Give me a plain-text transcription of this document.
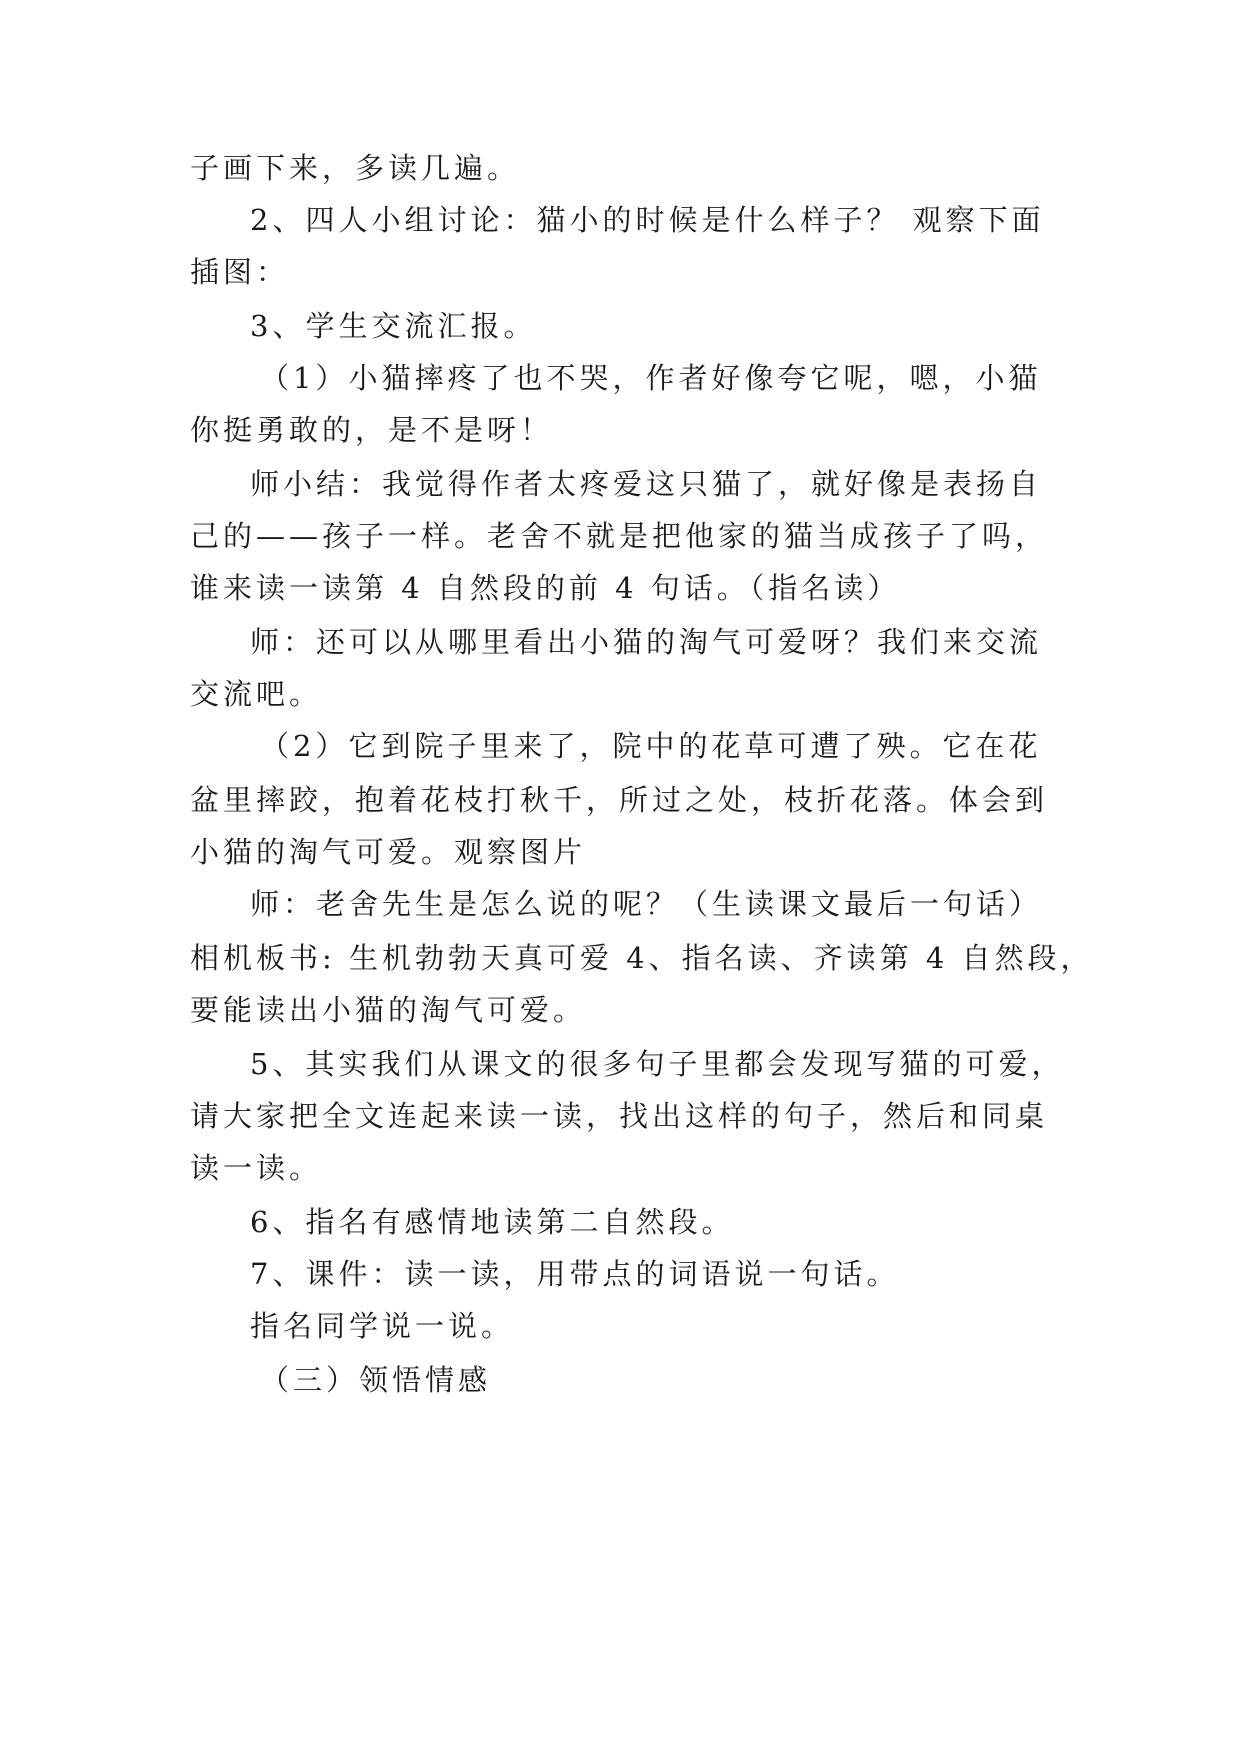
子画下来，多读几遍。
2、四人小组讨论：猫小的时候是什么样子？ 观察下面
插图：
3、学生交流汇报。
（1）小猫摔疼了也不哭，作者好像夸它呢，嗯，小猫
你挺勇敢的，是不是呀！
师小结：我觉得作者太疼爱这只猫了，就好像是表扬自
己的——孩子一样。老舍不就是把他家的猫当成孩子了吗，
谁来读一读第 4 自然段的前 4 句话。（指名读）
师：还可以从哪里看出小猫的淘气可爱呀？我们来交流
交流吧。
（2）它到院子里来了，院中的花草可遭了殃。它在花
盆里摔跤，抱着花枝打秋千，所过之处，枝折花落。体会到
小猫的淘气可爱。观察图片
师：老舍先生是怎么说的呢？（生读课文最后一句话）
相机板书: 生机勃勃天真可爱 4、指名读、齐读第 4 自然段，
要能读出小猫的淘气可爱。
5、其实我们从课文的很多句子里都会发现写猫的可爱，
请大家把全文连起来读一读，找出这样的句子，然后和同桌
读一读。
6、指名有感情地读第二自然段。
7、课件：读一读，用带点的词语说一句话。
指名同学说一说。
（三）领悟情感
